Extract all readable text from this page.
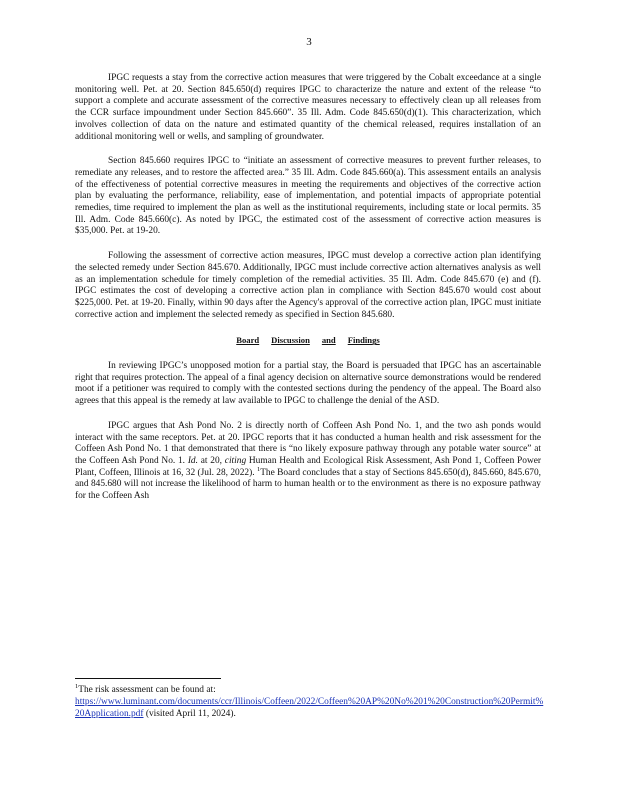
3

IPGC requests a stay from the corrective action measures that were triggered by the Cobalt exceedance at a single monitoring well. Pet. at 20. Section 845.650(d) requires IPGC to characterize the nature and extent of the release “to support a complete and accurate assessment of the corrective measures necessary to effectively clean up all releases from the CCR surface impoundment under Section 845.660”. 35 Ill. Adm. Code 845.650(d)(1). This characterization, which involves collection of data on the nature and estimated quantity of the chemical released, requires installation of an additional monitoring well or wells, and sampling of groundwater.

Section 845.660 requires IPGC to “initiate an assessment of corrective measures to prevent further releases, to remediate any releases, and to restore the affected area.” 35 Ill. Adm. Code 845.660(a). This assessment entails an analysis of the effectiveness of potential corrective measures in meeting the requirements and objectives of the corrective action plan by evaluating the performance, reliability, ease of implementation, and potential impacts of appropriate potential remedies, time required to implement the plan as well as the institutional requirements, including state or local permits. 35 Ill. Adm. Code 845.660(c). As noted by IPGC, the estimated cost of the assessment of corrective action measures is $35,000. Pet. at 19-20.

Following the assessment of corrective action measures, IPGC must develop a corrective action plan identifying the selected remedy under Section 845.670. Additionally, IPGC must include corrective action alternatives analysis as well as an implementation schedule for timely completion of the remedial activities. 35 Ill. Adm. Code 845.670 (e) and (f). IPGC estimates the cost of developing a corrective action plan in compliance with Section 845.670 would cost about $225,000. Pet. at 19-20. Finally, within 90 days after the Agency's approval of the corrective action plan, IPGC must initiate corrective action and implement the selected remedy as specified in Section 845.680.

Board Discussion and Findings

In reviewing IPGC’s unopposed motion for a partial stay, the Board is persuaded that IPGC has an ascertainable right that requires protection. The appeal of a final agency decision on alternative source demonstrations would be rendered moot if a petitioner was required to comply with the contested sections during the pendency of the appeal. The Board also agrees that this appeal is the remedy at law available to IPGC to challenge the denial of the ASD.

IPGC argues that Ash Pond No. 2 is directly north of Coffeen Ash Pond No. 1, and the two ash ponds would interact with the same receptors. Pet. at 20. IPGC reports that it has conducted a human health and risk assessment for the Coffeen Ash Pond No. 1 that demonstrated that there is “no likely exposure pathway through any potable water source” at the Coffeen Ash Pond No. 1. Id. at 20, citing Human Health and Ecological Risk Assessment, Ash Pond 1, Coffeen Power Plant, Coffeen, Illinois at 16, 32 (Jul. 28, 2022). $^1$The Board concludes that a stay of Sections 845.650(d), 845.660, 845.670, and 845.680 will not increase the likelihood of harm to human health or to the environment as there is no exposure pathway for the Coffeen Ash

$^1$The risk assessment can be found at:
https://www.luminant.com/documents/ccr/Illinois/Coffeen/2022/Coffeen%20AP%20No%201%20Construction%20Permit%20Application.pdf (visited April 11, 2024).
